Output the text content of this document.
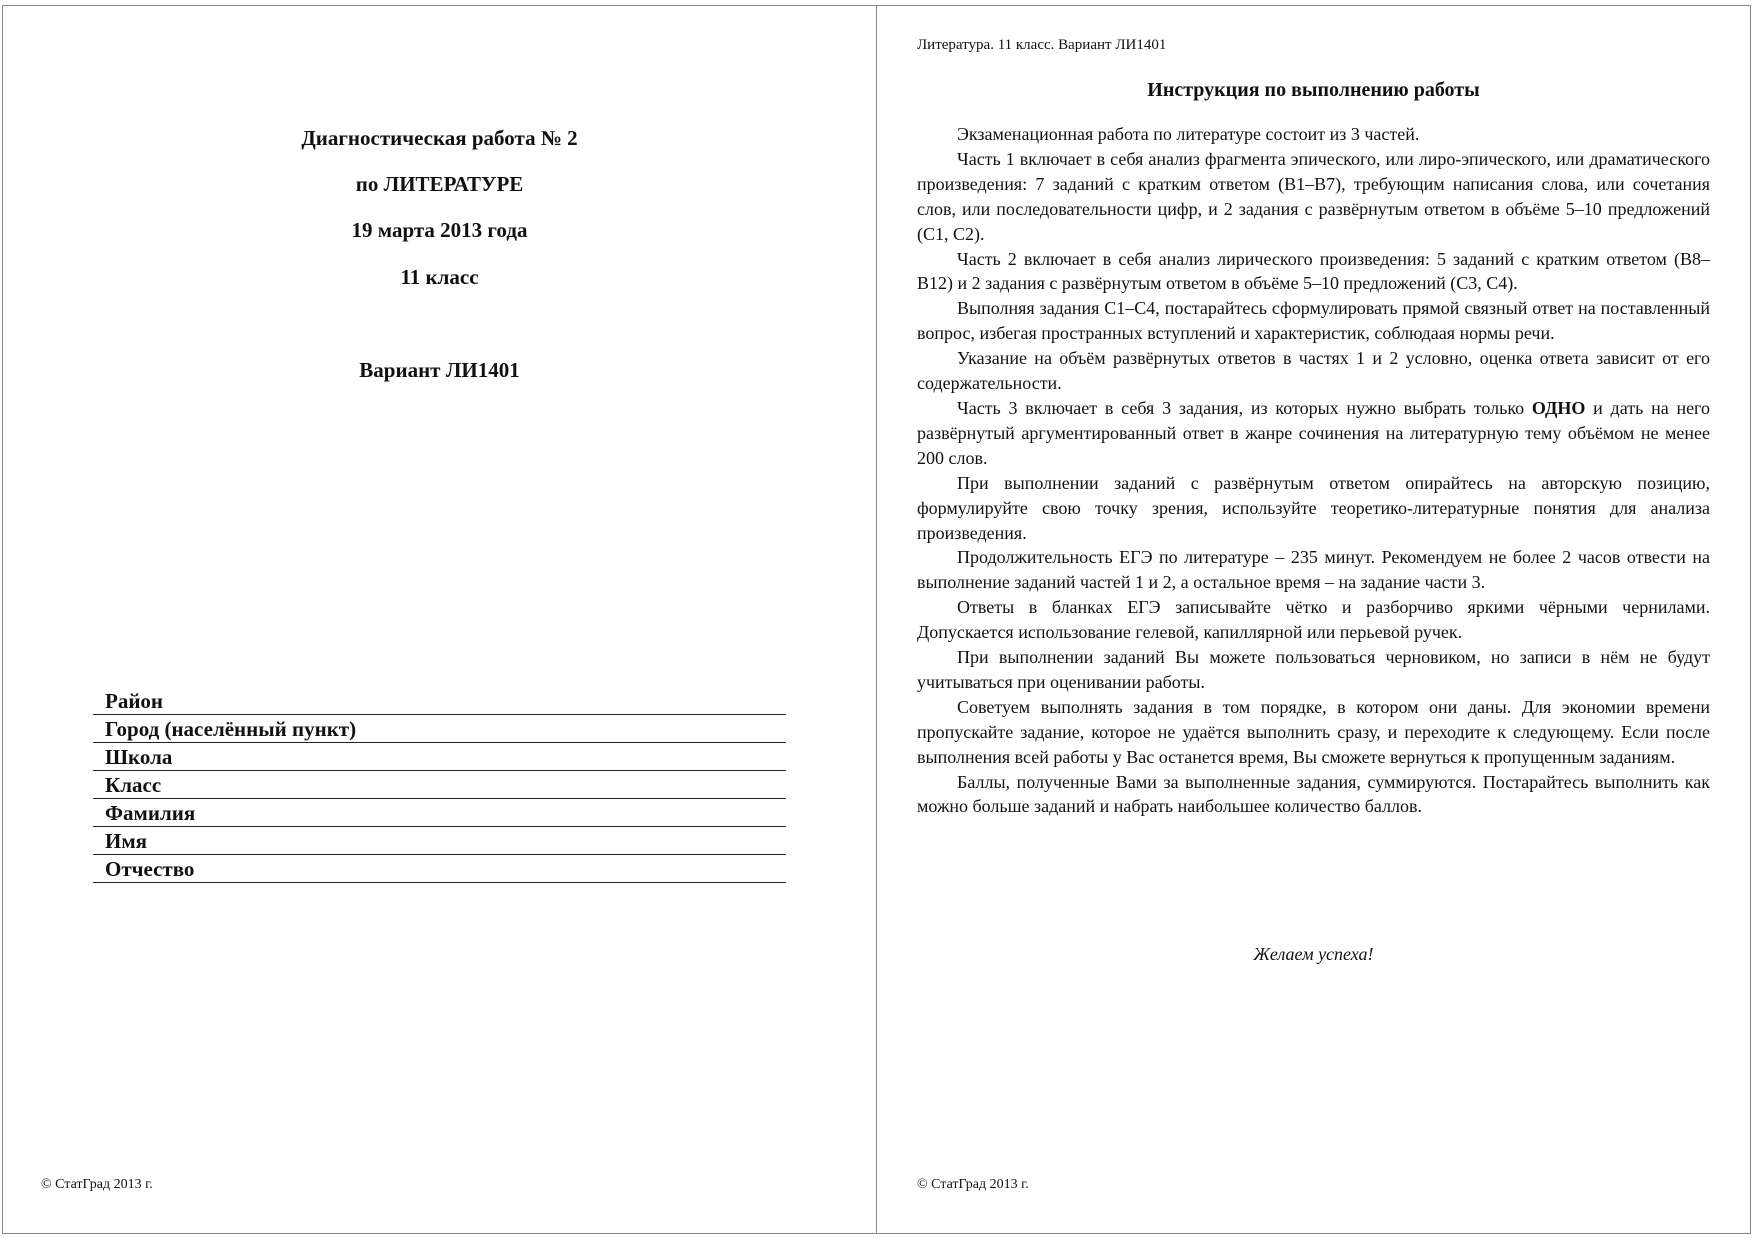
Диагностическая работа № 2
по ЛИТЕРАТУРЕ
19 марта 2013 года
11 класс
Вариант ЛИ1401
Район
Город (населённый пункт)
Школа
Класс
Фамилия
Имя
Отчество
© СтатГрад 2013 г.
Литература. 11 класс. Вариант ЛИ1401
Инструкция по выполнению работы

Экзаменационная работа по литературе состоит из 3 частей.

Часть 1 включает в себя анализ фрагмента эпического, или лиро-эпического, или драматического произведения: 7 заданий с кратким ответом (В1–В7), требующим написания слова, или сочетания слов, или последовательности цифр, и 2 задания с развёрнутым ответом в объёме 5–10 предложений (С1, С2).

Часть 2 включает в себя анализ лирического произведения: 5 заданий с кратким ответом (В8–В12) и 2 задания с развёрнутым ответом в объёме 5–10 предложений (С3, С4).

Выполняя задания С1–С4, постарайтесь сформулировать прямой связный ответ на поставленный вопрос, избегая пространных вступлений и характеристик, соблюдаая нормы речи.

Указание на объём развёрнутых ответов в частях 1 и 2 условно, оценка ответа зависит от его содержательности.

Часть 3 включает в себя 3 задания, из которых нужно выбрать только ОДНО и дать на него развёрнутый аргументированный ответ в жанре сочинения на литературную тему объёмом не менее 200 слов.

При выполнении заданий с развёрнутым ответом опирайтесь на авторскую позицию, формулируйте свою точку зрения, используйте теоретико-литературные понятия для анализа произведения.

Продолжительность ЕГЭ по литературе – 235 минут. Рекомендуем не более 2 часов отвести на выполнение заданий частей 1 и 2, а остальное время – на задание части 3.

Ответы в бланках ЕГЭ записывайте чётко и разборчиво яркими чёрными чернилами. Допускается использование гелевой, капиллярной или перьевой ручек.

При выполнении заданий Вы можете пользоваться черновиком, но записи в нём не будут учитываться при оценивании работы.

Советуем выполнять задания в том порядке, в котором они даны. Для экономии времени пропускайте задание, которое не удаётся выполнить сразу, и переходите к следующему. Если после выполнения всей работы у Вас останется время, Вы сможете вернуться к пропущенным заданиям.

Баллы, полученные Вами за выполненные задания, суммируются. Постарайтесь выполнить как можно больше заданий и набрать наибольшее количество баллов.

Желаем успеха!
© СтатГрад 2013 г.
